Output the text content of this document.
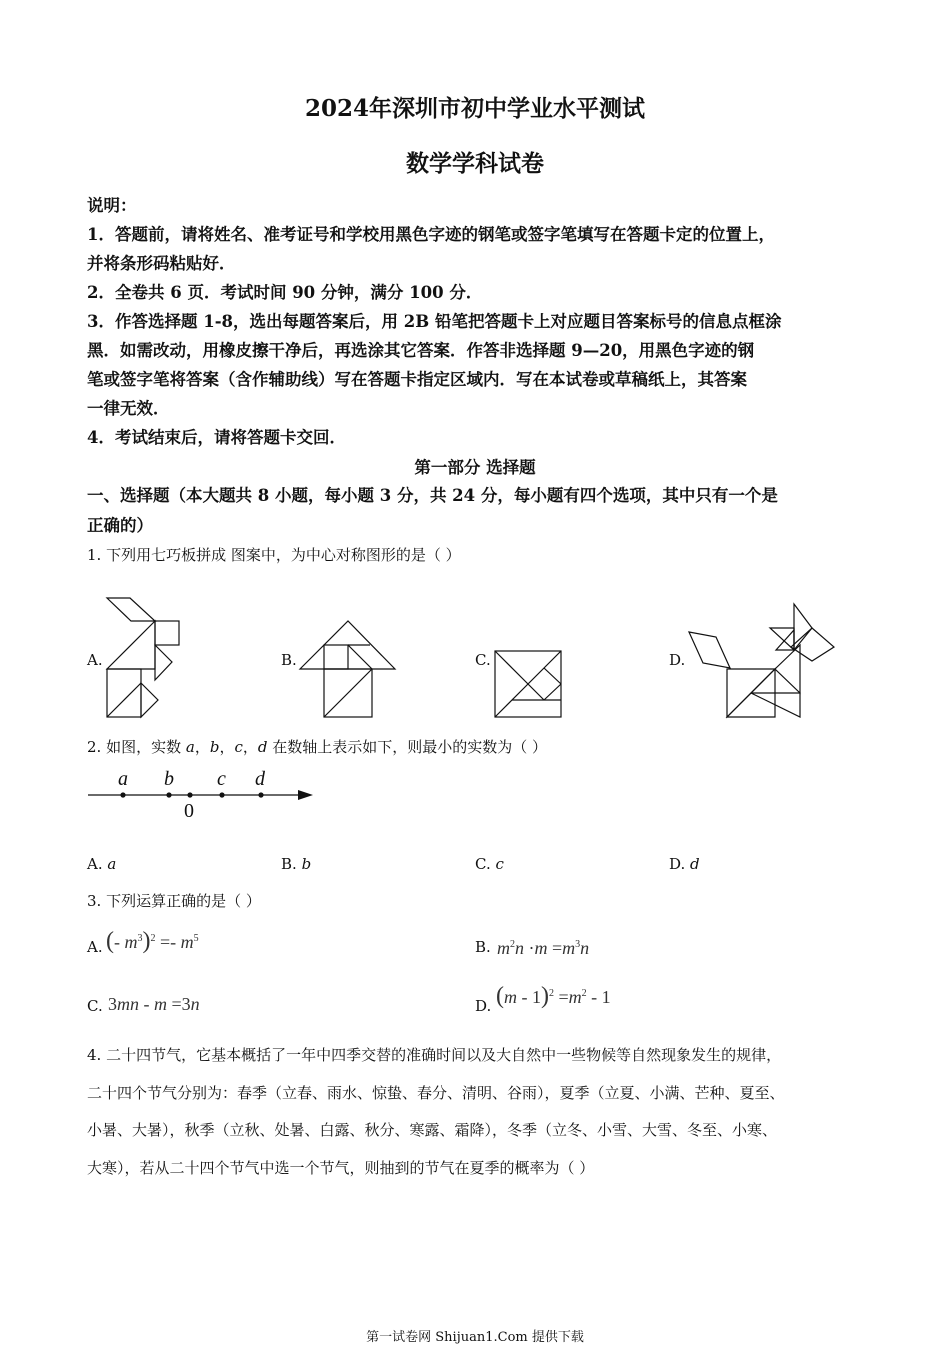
2024年深圳市初中学业水平测试
数学学科试卷
说明：
1．答题前，请将姓名、准考证号和学校用黑色字迹的钢笔或签字笔填写在答题卡定的位置上，
并将条形码粘贴好．
2．全卷共 6 页．考试时间 90 分钟，满分 100 分．
3．作答选择题 1-8，选出每题答案后，用 2B 铅笔把答题卡上对应题目答案标号的信息点框涂
黑．如需改动，用橡皮擦干净后，再选涂其它答案．作答非选择题 9—20，用黑色字迹的钢
笔或签字笔将答案（含作辅助线）写在答题卡指定区域内．写在本试卷或草稿纸上，其答案
一律无效．
4．考试结束后，请将答题卡交回．
第一部分 选择题
一、选择题（本大题共 8 小题，每小题 3 分，共 24 分，每小题有四个选项，其中只有一个是
正确的）
1. 下列用七巧板拼成 图案中，为中心对称图形的是（ ）
A.	B.	C.	D.
2. 如图，实数 a，b，c，d 在数轴上表示如下，则最小的实数为（ ）
a b c d
0
A. a	B. b	C. c	D. d
3. 下列运算正确的是（ ）
A. (- $m^3)^2 =- m^5$	B. $m^2n \cdot m =m^3n$
C. 3mn - m =3n	D. $(m - 1)^2 =m^2 - 1$
4. 二十四节气，它基本概括了一年中四季交替的准确时间以及大自然中一些物候等自然现象发生的规律，
二十四个节气分别为：春季（立春、雨水、惊蛰、春分、清明、谷雨），夏季（立夏、小满、芒种、夏至、
小暑、大暑），秋季（立秋、处暑、白露、秋分、寒露、霜降），冬季（立冬、小雪、大雪、冬至、小寒、
大寒），若从二十四个节气中选一个节气，则抽到的节气在夏季的概率为（ ）
第一试卷网 Shijuan1.Com 提供下载
